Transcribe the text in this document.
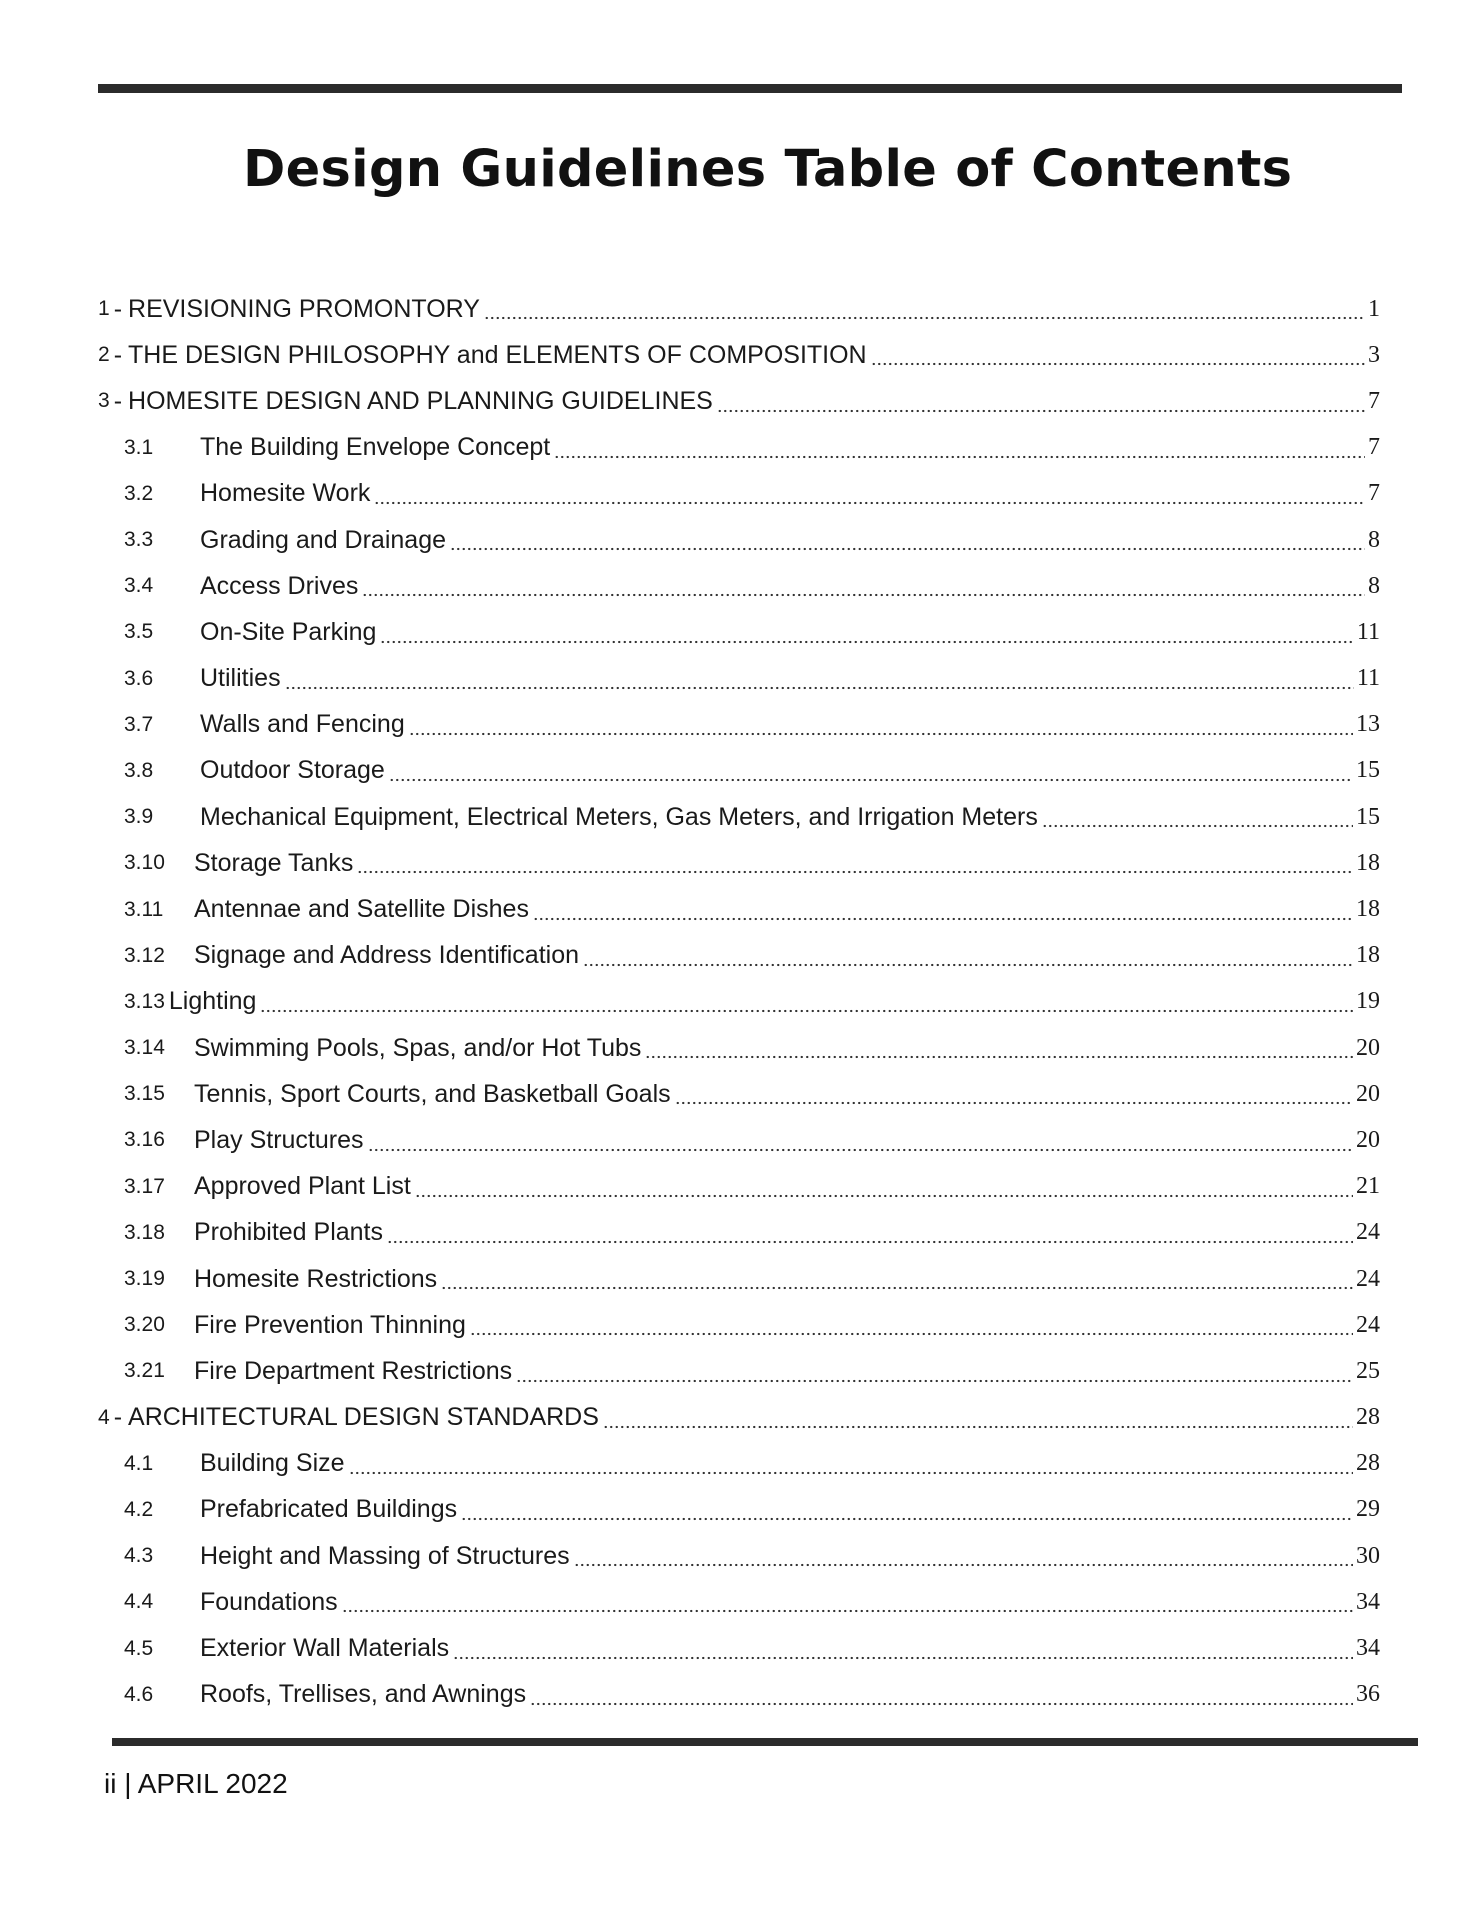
Design Guidelines Table of Contents
1 - REVISIONING PROMONTORY	1
2 - THE DESIGN PHILOSOPHY and ELEMENTS OF COMPOSITION	3
3 - HOMESITE DESIGN AND PLANNING GUIDELINES	7
3.1	The Building Envelope Concept	7
3.2	Homesite Work	7
3.3	Grading and Drainage	8
3.4	Access Drives	8
3.5	On-Site Parking	11
3.6	Utilities	11
3.7	Walls and Fencing	13
3.8	Outdoor Storage	15
3.9	Mechanical Equipment, Electrical Meters, Gas Meters, and Irrigation Meters	15
3.10	Storage Tanks	18
3.11	Antennae and Satellite Dishes	18
3.12	Signage and Address Identification	18
3.13 Lighting	19
3.14	Swimming Pools, Spas, and/or Hot Tubs	20
3.15	Tennis, Sport Courts, and Basketball Goals	20
3.16	Play Structures	20
3.17	Approved Plant List	21
3.18	Prohibited Plants	24
3.19	Homesite Restrictions	24
3.20	Fire Prevention Thinning	24
3.21	Fire Department Restrictions	25
4 - ARCHITECTURAL DESIGN STANDARDS	28
4.1	Building Size	28
4.2	Prefabricated Buildings	29
4.3	Height and Massing of Structures	30
4.4	Foundations	34
4.5	Exterior Wall Materials	34
4.6	Roofs, Trellises, and Awnings	36
ii | APRIL 2022
